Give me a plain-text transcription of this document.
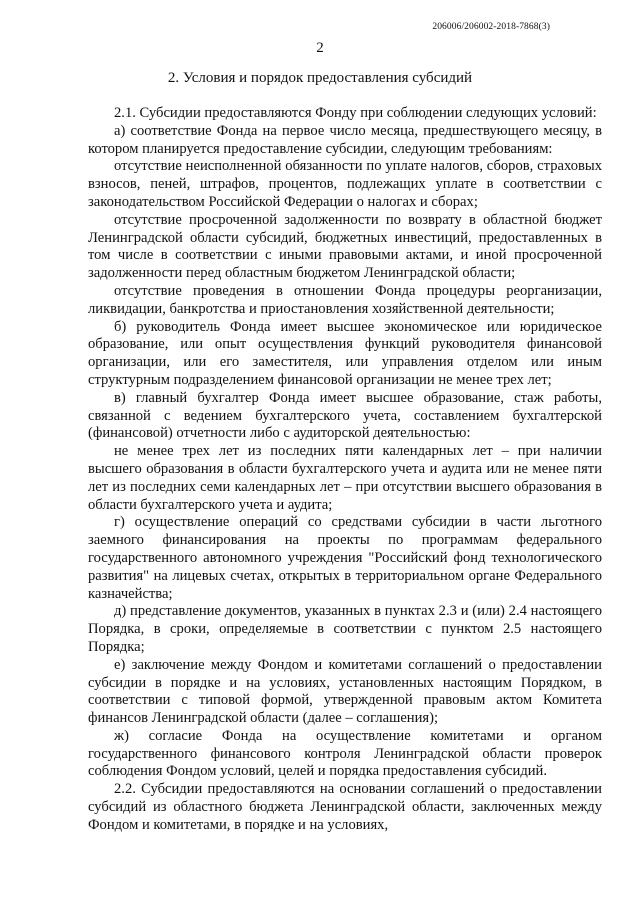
206006/206002-2018-7868(3)
2
2. Условия и порядок предоставления субсидий

2.1. Субсидии предоставляются Фонду при соблюдении следующих условий:

а) соответствие Фонда на первое число месяца, предшествующего месяцу, в котором планируется предоставление субсидии, следующим требованиям:

отсутствие неисполненной обязанности по уплате налогов, сборов, страховых взносов, пеней, штрафов, процентов, подлежащих уплате в соответствии с законодательством Российской Федерации о налогах и сборах;

отсутствие просроченной задолженности по возврату в областной бюджет Ленинградской области субсидий, бюджетных инвестиций, предоставленных в том числе в соответствии с иными правовыми актами, и иной просроченной задолженности перед областным бюджетом Ленинградской области;

отсутствие проведения в отношении Фонда процедуры реорганизации, ликвидации, банкротства и приостановления хозяйственной деятельности;

б) руководитель Фонда имеет высшее экономическое или юридическое образование, или опыт осуществления функций руководителя финансовой организации, или его заместителя, или управления отделом или иным структурным подразделением финансовой организации не менее трех лет;

в) главный бухгалтер Фонда имеет высшее образование, стаж работы, связанной с ведением бухгалтерского учета, составлением бухгалтерской (финансовой) отчетности либо с аудиторской деятельностью:

не менее трех лет из последних пяти календарных лет – при наличии высшего образования в области бухгалтерского учета и аудита или не менее пяти лет из последних семи календарных лет – при отсутствии высшего образования в области бухгалтерского учета и аудита;

г) осуществление операций со средствами субсидии в части льготного заемного финансирования на проекты по программам федерального государственного автономного учреждения "Российский фонд технологического развития" на лицевых счетах, открытых в территориальном органе Федерального казначейства;

д) представление документов, указанных в пунктах 2.3 и (или) 2.4 настоящего Порядка, в сроки, определяемые в соответствии с пунктом 2.5 настоящего Порядка;

е) заключение между Фондом и комитетами соглашений о предоставлении субсидии в порядке и на условиях, установленных настоящим Порядком, в соответствии с типовой формой, утвержденной правовым актом Комитета финансов Ленинградской области (далее – соглашения);

ж) согласие Фонда на осуществление комитетами и органом государственного финансового контроля Ленинградской области проверок соблюдения Фондом условий, целей и порядка предоставления субсидий.

2.2. Субсидии предоставляются на основании соглашений о предоставлении субсидий из областного бюджета Ленинградской области, заключенных между Фондом и комитетами, в порядке и на условиях,
